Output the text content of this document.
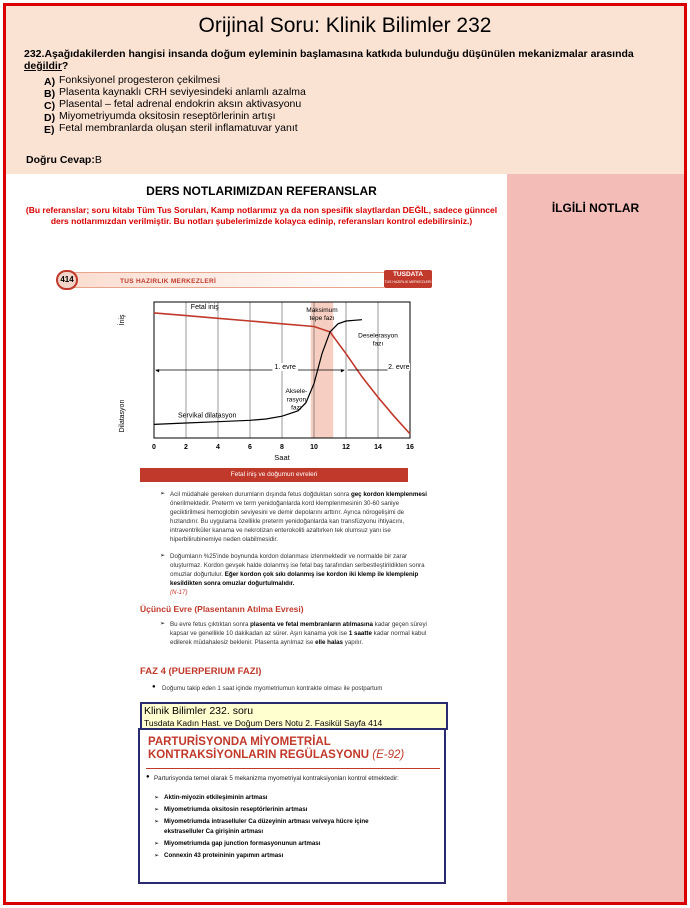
Orijinal Soru: Klinik Bilimler 232
232.Aşağıdakilerden hangisi insanda doğum eyleminin başlamasına katkıda bulunduğu düşünülen mekanizmalar arasında değildir?
A) Fonksiyonel progesteron çekilmesi
B) Plasenta kaynaklı CRH seviyesindeki anlamlı azalma
C) Plasental – fetal adrenal endokrin aksın aktivasyonu
D) Miyometriyumda oksitosin reseptörlerinin artışı
E) Fetal membranlarda oluşan steril inflamatuvar yanıt
Doğru Cevap:B
DERS NOTLARIMIZDAN REFERANSLAR
(Bu referanslar; soru kitabı Tüm Tus Soruları, Kamp notlarımız ya da non spesifik slaytlardan DEĞİL, sadece günncel ders notlarımızdan verilmiştir. Bu notları şubelerimizde kolayca edinip, referansları kontrol edebilirsiniz.)
İLGİLİ NOTLAR
TUS HAZIRLIK MERKEZLERİ
414
TUSDATA
TUS HAZIRLIK MERKEZLERİ
0	2	4	6	8	10	12	14	16
Saat
İniş
Dilatasyon
Fetal iniş
Servikal dilatasyon
Maksimum
tepe fazı
Deselerasyon
fazı
Aksele-
rasyon
fazı
◂	▸
1. evre	2. evre
Fetal iniş ve doğumun evreleri
Acil müdahale gereken durumların dışında fetus doğduktan sonra geç kordon klemplenmesi önerilmektedir. Preterm ve term yenidoğanlarda kord klemplenmesinin 30-60 saniye geciktirilmesi hemoglobin seviyesini ve demir depolarını arttırır. Ayrıca nörogelişimi de hızlandırır. Bu uygulama özellikle preterm yenidoğanlarda kan transfüzyonu ihtiyacını, intraventriküler kanama ve nekrotizan enterokoliti azaltırken tek olumsuz yanı ise hiperbilirubinemiye neden olabilmesidir.
➢
Doğumların %25'inde boynunda kordon dolanması izlenmektedir ve normalde bir zarar oluşturmaz. Kordon gevşek halde dolanmış ise fetal baş tarafından serbestleştirildikten sonra omuzlar doğurtulur. Eğer kordon çok sıkı dolanmış ise kordon iki klemp ile klemplenip kesildikten sonra omuzlar doğurtulmalıdır.
(N-17)
➢
Üçüncü Evre (Plasentanın Atılma Evresi)
Bu evre fetus çıktıktan sonra plasenta ve fetal membranların atılmasına kadar geçen süreyi kapsar ve genellikle 10 dakikadan az sürer. Aşırı kanama yok ise 1 saatte kadar normal kabul edilerek müdahalesiz beklenir. Plasenta ayrılmaz ise elle halas yapılır.
➢
FAZ 4 (PUERPERIUM FAZI)
Doğumu takip eden 1 saat içinde myometriumun kontrakte olması ile postpartum
●
Klinik Bilimler 232. soru
Tusdata Kadın Hast. ve Doğum Ders Notu 2. Fasikül Sayfa 414
PARTURİSYONDA MİYOMETRİAL
KONTRAKSİYONLARIN REGÜLASYONU (E-92)
Parturisyonda temel olarak 5 mekanizma myometriyal kontraksiyonları kontrol etmektedir:
●
➢ Aktin-miyozin etkileşiminin artması
➢ Miyometriumda oksitosin reseptörlerinin artması
➢ Miyometriumda intraselluler Ca düzeyinin artması ve/veya hücre içine
ekstraselluler Ca girişinin artması
➢ Miyometriumda gap junction formasyonunun artması
➢ Connexin 43 proteininin yapımın artması
